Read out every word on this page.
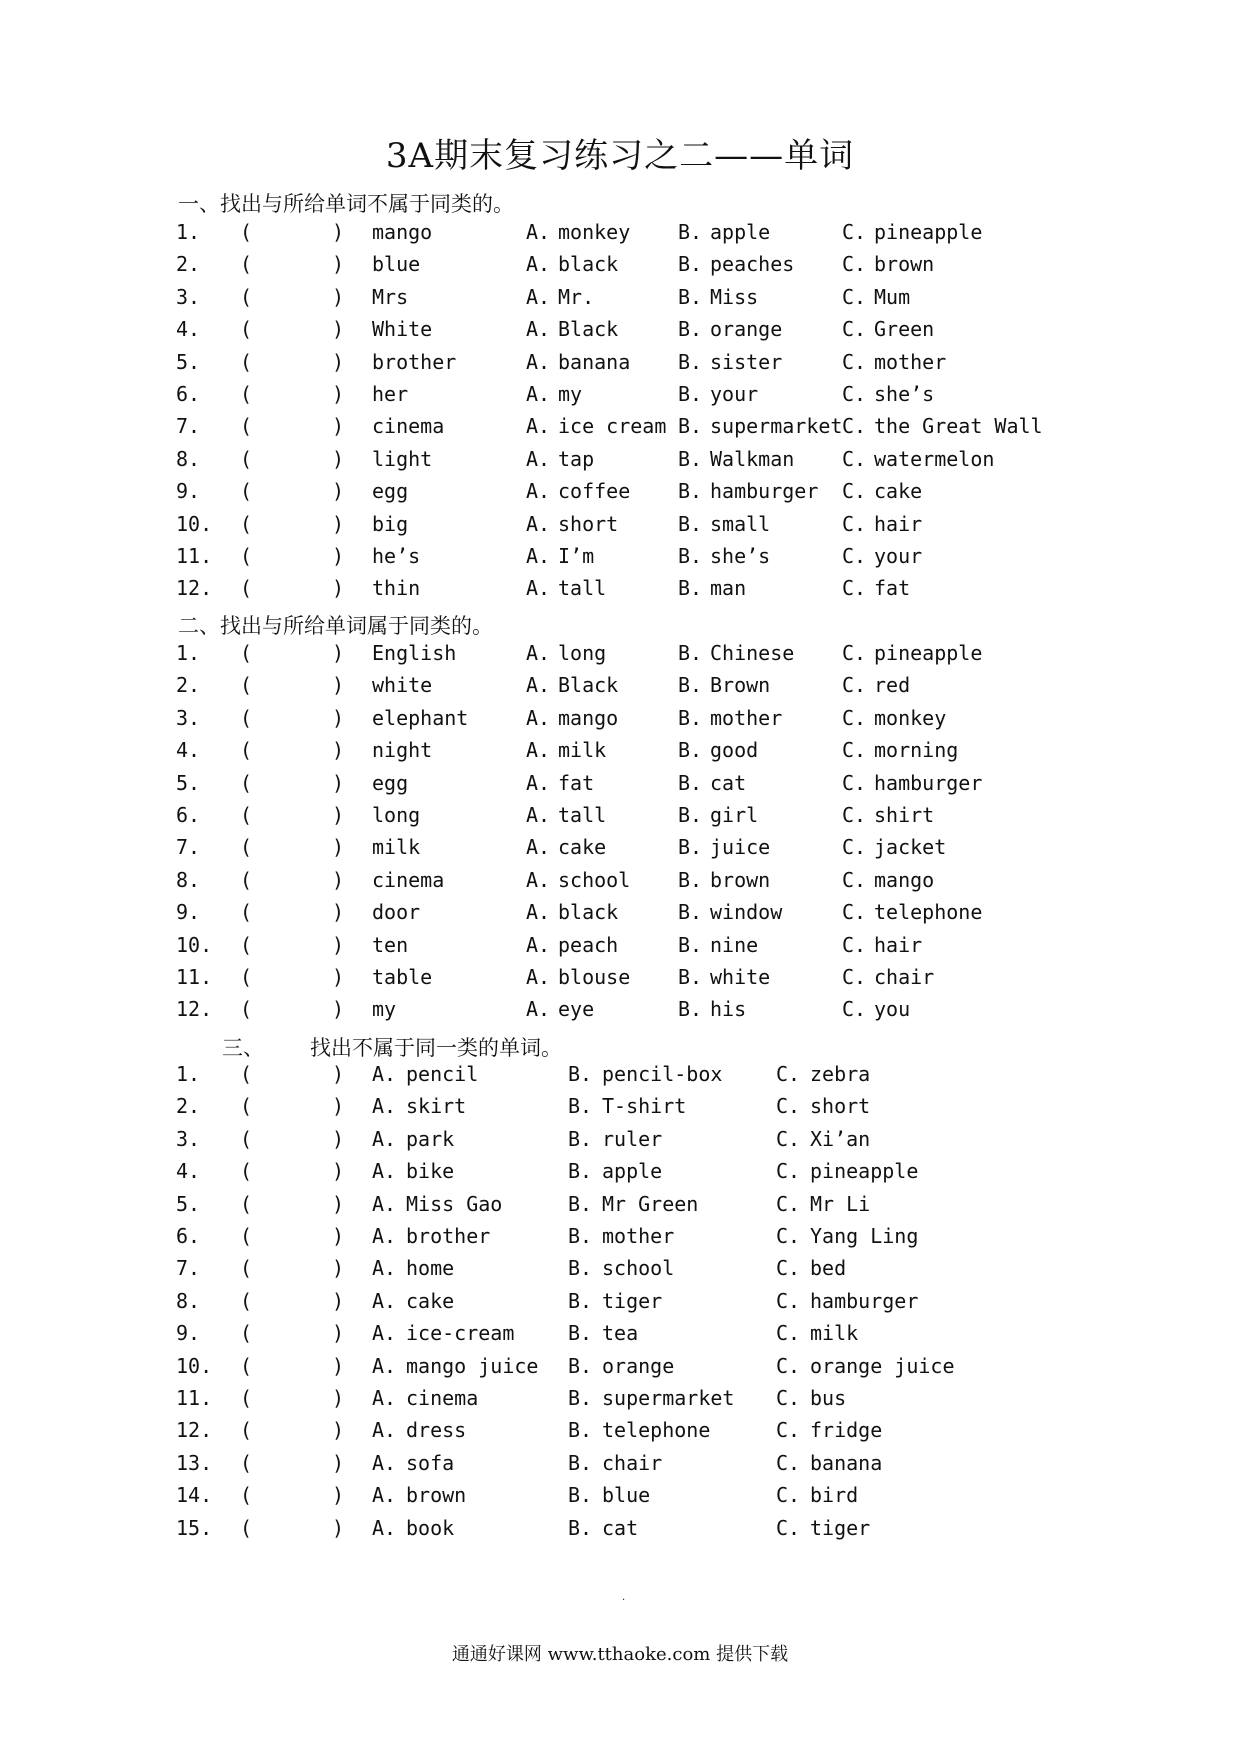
3A期末复习练习之二——单词
一、找出与所给单词不属于同类的。
1. (	) mango	A. monkey B. apple	C. pineapple
2. (	) blue	A. black	B. peaches C. brown
3. (	) Mrs	A. Mr.	B. Miss	C. Mum
4. (	) White	A. Black	B. orange	C. Green
5. (	) brother	A. banana B. sister	C. mother
6. (	) her	A. my	B. your	C. she’s
7. (	) cinema	A. ice cream B. supermarket C. the Great Wall
8. (	) light	A. tap	B. Walkman C. watermelon
9. (	) egg	A. coffee B. hamburger C. cake
10. (	) big	A. short	B. small	C. hair
11. (	) he’s	A. I’m	B. she’s	C. your
12. (	) thin	A. tall	B. man	C. fat
二、找出与所给单词属于同类的。
1. (	) English	A. long	B. Chinese C. pineapple
2. (	) white	A. Black	B. Brown	C. red
3. (	) elephant	A. mango	B. mother	C. monkey
4. (	) night	A. milk	B. good	C. morning
5. (	) egg	A. fat	B. cat	C. hamburger
6. (	) long	A. tall	B. girl	C. shirt
7. (	) milk	A. cake	B. juice	C. jacket
8. (	) cinema	A. school B. brown	C. mango
9. (	) door	A. black	B. window	C. telephone
10. (	) ten	A. peach	B. nine	C. hair
11. (	) table	A. blouse B. white	C. chair
12. (	) my	A. eye	B. his	C. you
三、 找出不属于同一类的单词。
1. (	) A. pencil	B. pencil-box	C. zebra
2. (	) A. skirt	B. T-shirt	C. short
3. (	) A. park	B. ruler	C. Xi’an
4. (	) A. bike	B. apple	C. pineapple
5. (	) A. Miss Gao	B. Mr Green	C. Mr Li
6. (	) A. brother	B. mother	C. Yang Ling
7. (	) A. home	B. school	C. bed
8. (	) A. cake	B. tiger	C. hamburger
9. (	) A. ice-cream	B. tea	C. milk
10. (	) A. mango juice B. orange	C. orange juice
11. (	) A. cinema	B. supermarket C. bus
12. (	) A. dress	B. telephone	C. fridge
13. (	) A. sofa	B. chair	C. banana
14. (	) A. brown	B. blue	C. bird
15. (	) A. book	B. cat	C. tiger
.
通通好课网 www.tthaoke.com 提供下载
